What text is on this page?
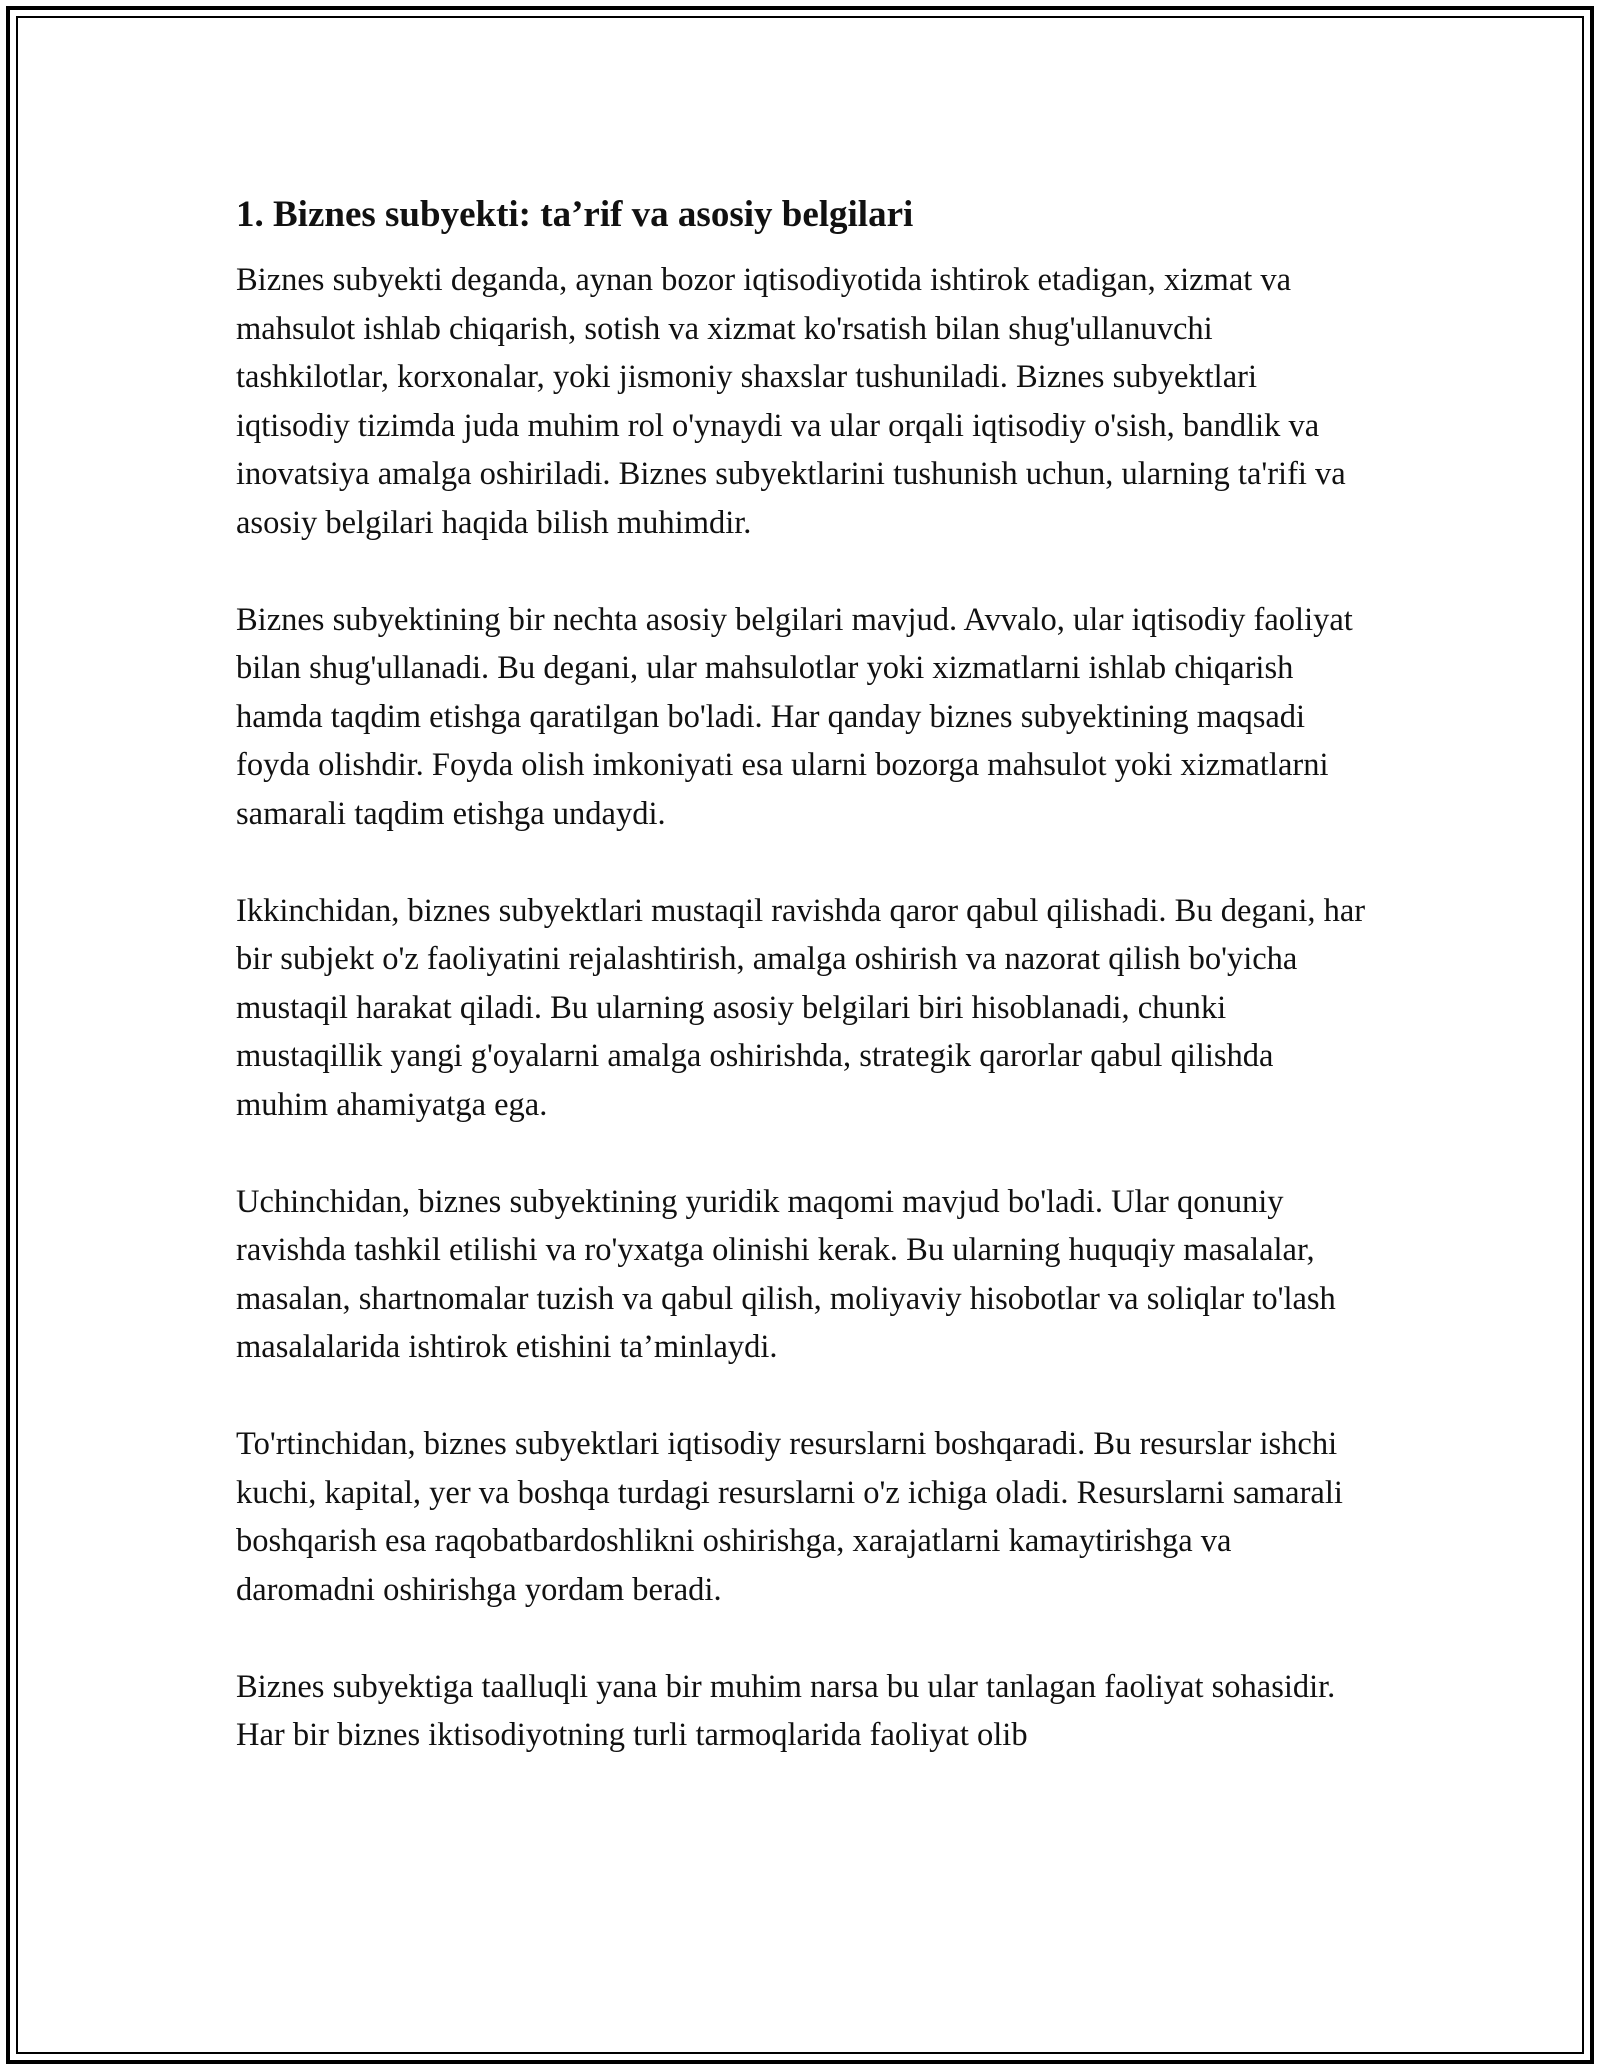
1. Biznes subyekti: ta’rif va asosiy belgilari

Biznes subyekti deganda, aynan bozor iqtisodiyotida ishtirok etadigan, xizmat va mahsulot ishlab chiqarish, sotish va xizmat ko'rsatish bilan shug'ullanuvchi tashkilotlar, korxonalar, yoki jismoniy shaxslar tushuniladi. Biznes subyektlari iqtisodiy tizimda juda muhim rol o'ynaydi va ular orqali iqtisodiy o'sish, bandlik va inovatsiya amalga oshiriladi. Biznes subyektlarini tushunish uchun, ularning ta'rifi va asosiy belgilari haqida bilish muhimdir.

Biznes subyektining bir nechta asosiy belgilari mavjud. Avvalo, ular iqtisodiy faoliyat bilan shug'ullanadi. Bu degani, ular mahsulotlar yoki xizmatlarni ishlab chiqarish hamda taqdim etishga qaratilgan bo'ladi. Har qanday biznes subyektining maqsadi foyda olishdir. Foyda olish imkoniyati esa ularni bozorga mahsulot yoki xizmatlarni samarali taqdim etishga undaydi.

Ikkinchidan, biznes subyektlari mustaqil ravishda qaror qabul qilishadi. Bu degani, har bir subjekt o'z faoliyatini rejalashtirish, amalga oshirish va nazorat qilish bo'yicha mustaqil harakat qiladi. Bu ularning asosiy belgilari biri hisoblanadi, chunki mustaqillik yangi g'oyalarni amalga oshirishda, strategik qarorlar qabul qilishda muhim ahamiyatga ega.

Uchinchidan, biznes subyektining yuridik maqomi mavjud bo'ladi. Ular qonuniy ravishda tashkil etilishi va ro'yxatga olinishi kerak. Bu ularning huquqiy masalalar, masalan, shartnomalar tuzish va qabul qilish, moliyaviy hisobotlar va soliqlar to'lash masalalarida ishtirok etishini ta’minlaydi.

To'rtinchidan, biznes subyektlari iqtisodiy resurslarni boshqaradi. Bu resurslar ishchi kuchi, kapital, yer va boshqa turdagi resurslarni o'z ichiga oladi. Resurslarni samarali boshqarish esa raqobatbardoshlikni oshirishga, xarajatlarni kamaytirishga va daromadni oshirishga yordam beradi.

Biznes subyektiga taalluqli yana bir muhim narsa bu ular tanlagan faoliyat sohasidir. Har bir biznes iktisodiyotning turli tarmoqlarida faoliyat olib
